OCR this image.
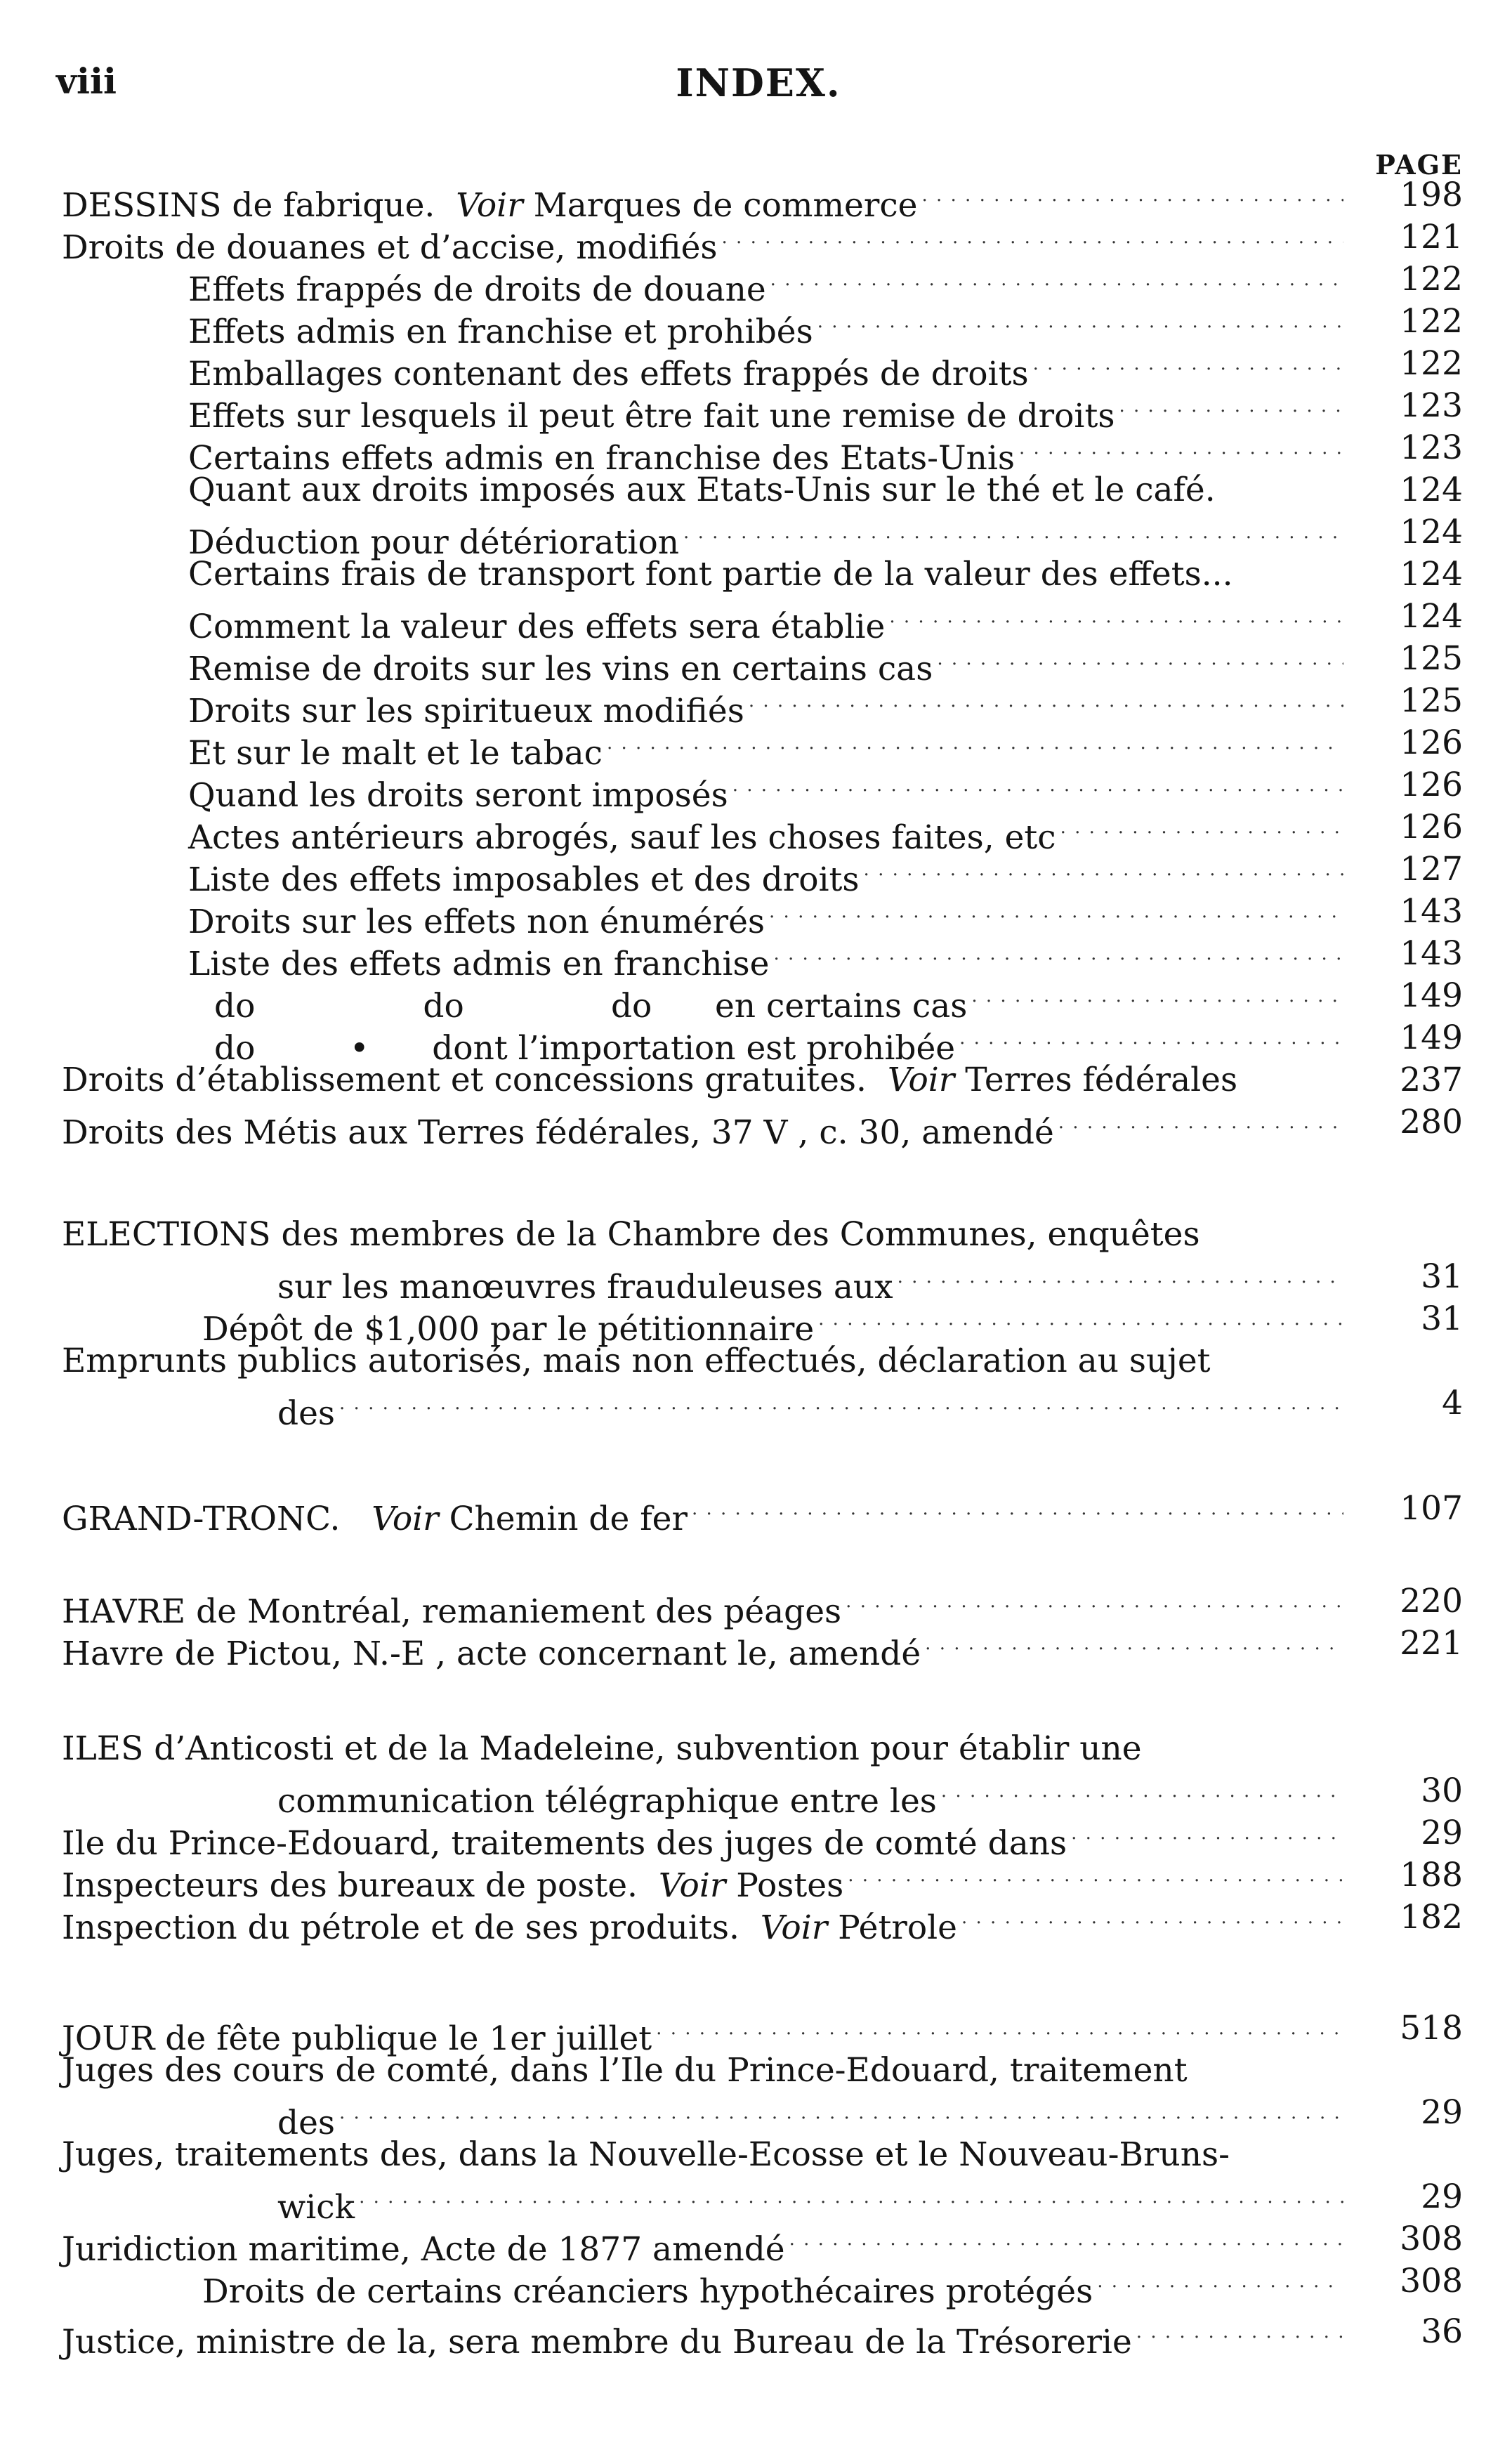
viii	INDEX.
PAGE
DESSINS de fabrique. Voir Marques de commerce . . .	198
Droits de douanes et d’accise, modifiés . . .	121
Effets frappés de droits de douane . . .	122
Effets admis en franchise et prohibés . . .	122
Emballages contenant des effets frappés de droits . . .	122
Effets sur lesquels il peut être fait une remise de droits . . .	123
Certains effets admis en franchise des Etats-Unis . . .	123
Quant aux droits imposés aux Etats-Unis sur le thé et le café.	124
Déduction pour détérioration . . .	124
Certains frais de transport font partie de la valeur des effets...	124
Comment la valeur des effets sera établie . . .	124
Remise de droits sur les vins en certains cas . . .	125
Droits sur les spiritueux modifiés . . .	125
Et sur le malt et le tabac . . .	126
Quand les droits seront imposés . . .	126
Actes antérieurs abrogés, sauf les choses faites, etc . . .	126
Liste des effets imposables et des droits . . .	127
Droits sur les effets non énumérés . . .	143
Liste des effets admis en franchise . . .	143
do                do              do      en certains cas . . .	149
do         •      dont l’importation est prohibée . . .	149
Droits d’établissement et concessions gratuites. Voir Terres fédérales	237
Droits des Métis aux Terres fédérales, 37 V , c. 30, amendé . . .	280
ELECTIONS des membres de la Chambre des Communes, enquêtes
sur les manœuvres frauduleuses aux . . .	31
Dépôt de $1,000 par le pétitionnaire . . .	31
Emprunts publics autorisés, mais non effectués, déclaration au sujet
des . . .	4
GRAND-TRONC. Voir Chemin de fer . . .	107
HAVRE de Montréal, remaniement des péages . . .	220
Havre de Pictou, N.-E , acte concernant le, amendé . . .	221
ILES d’Anticosti et de la Madeleine, subvention pour établir une
communication télégraphique entre les . . .	30
Ile du Prince-Edouard, traitements des juges de comté dans . . .	29
Inspecteurs des bureaux de poste. Voir Postes . . .	188
Inspection du pétrole et de ses produits. Voir Pétrole . . .	182
JOUR de fête publique le 1er juillet . . .	518
Juges des cours de comté, dans l’Ile du Prince-Edouard, traitement
des . . .	29
Juges, traitements des, dans la Nouvelle-Ecosse et le Nouveau-Bruns-
wick . . .	29
Juridiction maritime, Acte de 1877 amendé . . .	308
Droits de certains créanciers hypothécaires protégés . . .	308
Justice, ministre de la, sera membre du Bureau de la Trésorerie . . .	36
